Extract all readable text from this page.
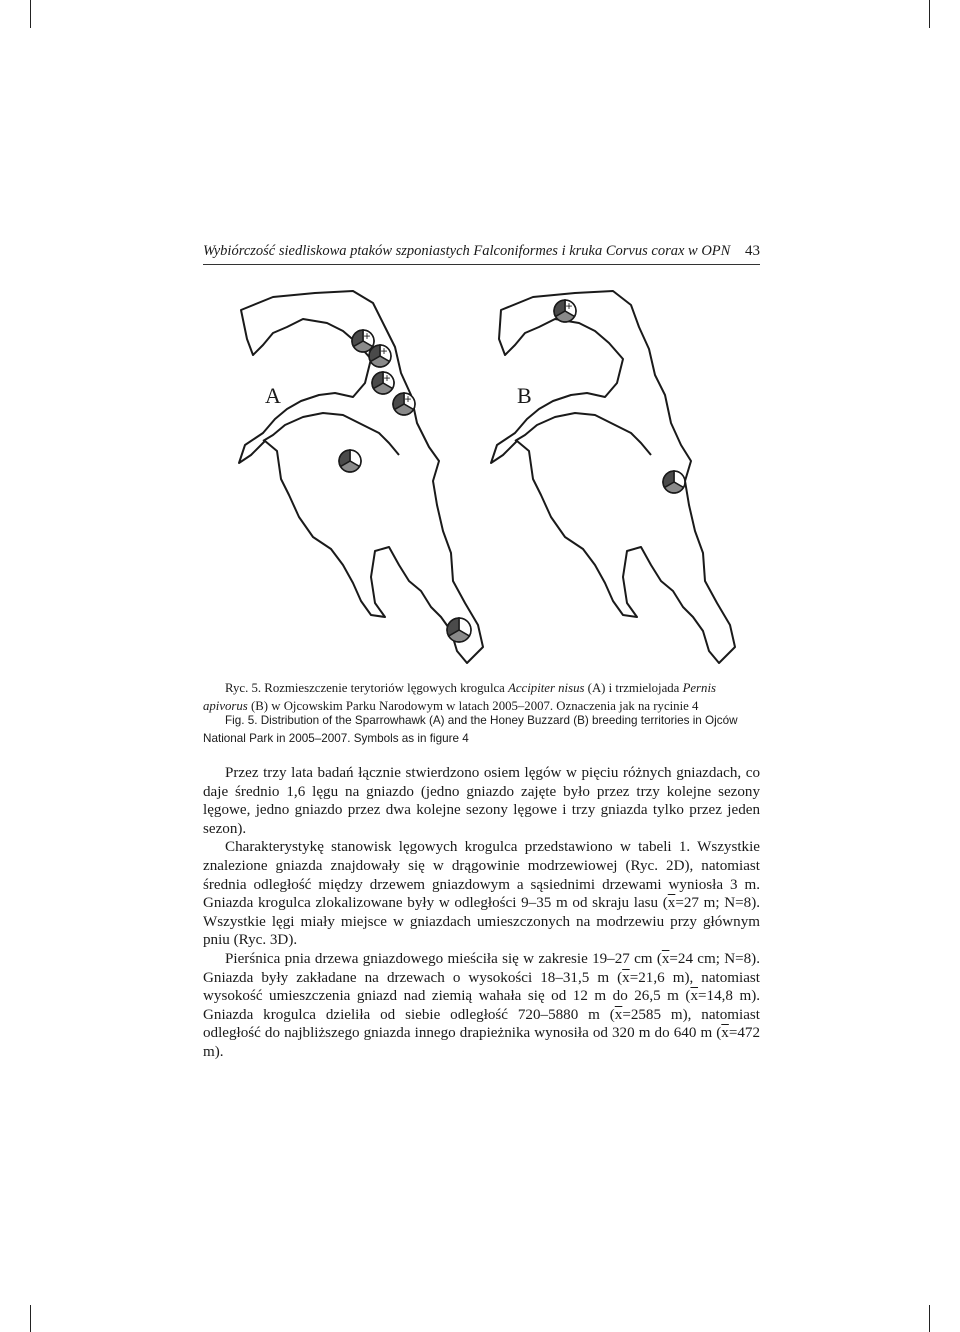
Wybiórczość siedliskowa ptaków szponiastych Falconiformes i kruka Corvus corax w OPN 43
A	B
+
+
+
+
+
Ryc. 5. Rozmieszczenie terytoriów lęgowych krogulca Accipiter nisus (A) i trzmielojada Pernis apivorus (B) w Ojcowskim Parku Narodowym w latach 2005–2007. Oznaczenia jak na rycinie 4
Fig. 5. Distribution of the Sparrowhawk (A) and the Honey Buzzard (B) breeding territories in Ojców National Park in 2005–2007. Symbols as in figure 4

Przez trzy lata badań łącznie stwierdzono osiem lęgów w pięciu różnych gniazdach, co daje średnio 1,6 lęgu na gniazdo (jedno gniazdo zajęte było przez trzy kolejne sezony lęgowe, jedno gniazdo przez dwa kolejne sezony lęgowe i trzy gniazda tylko przez jeden sezon).

Charakterystykę stanowisk lęgowych krogulca przedstawiono w tabeli 1. Wszystkie znalezione gniazda znajdowały się w drągowinie modrzewiowej (Ryc. 2D), natomiast średnia odległość między drzewem gniazdowym a sąsiednimi drzewami wyniosła 3 m. Gniazda krogulca zlokalizowane były w odległości 9–35 m od skraju lasu ($\overline{x}=27$ m; N=8). Wszystkie lęgi miały miejsce w gniazdach umieszczonych na modrzewiu przy głównym pniu (Ryc. 3D).

Pierśnica pnia drzewa gniazdowego mieściła się w zakresie 19–27 cm ($\overline{x}=24$ cm; N=8). Gniazda były zakładane na drzewach o wysokości 18–31,5 m ($\overline{x}=21,6$ m), natomiast wysokość umieszczenia gniazd nad ziemią wahała się od 12 m do 26,5 m ($\overline{x}=14,8$ m). Gniazda krogulca dzieliła od siebie odległość 720–5880 m ($\overline{x}=2585$ m), natomiast odległość do najbliższego gniazda innego drapieżnika wynosiła od 320 m do 640 m ($\overline{x}=472$ m).
